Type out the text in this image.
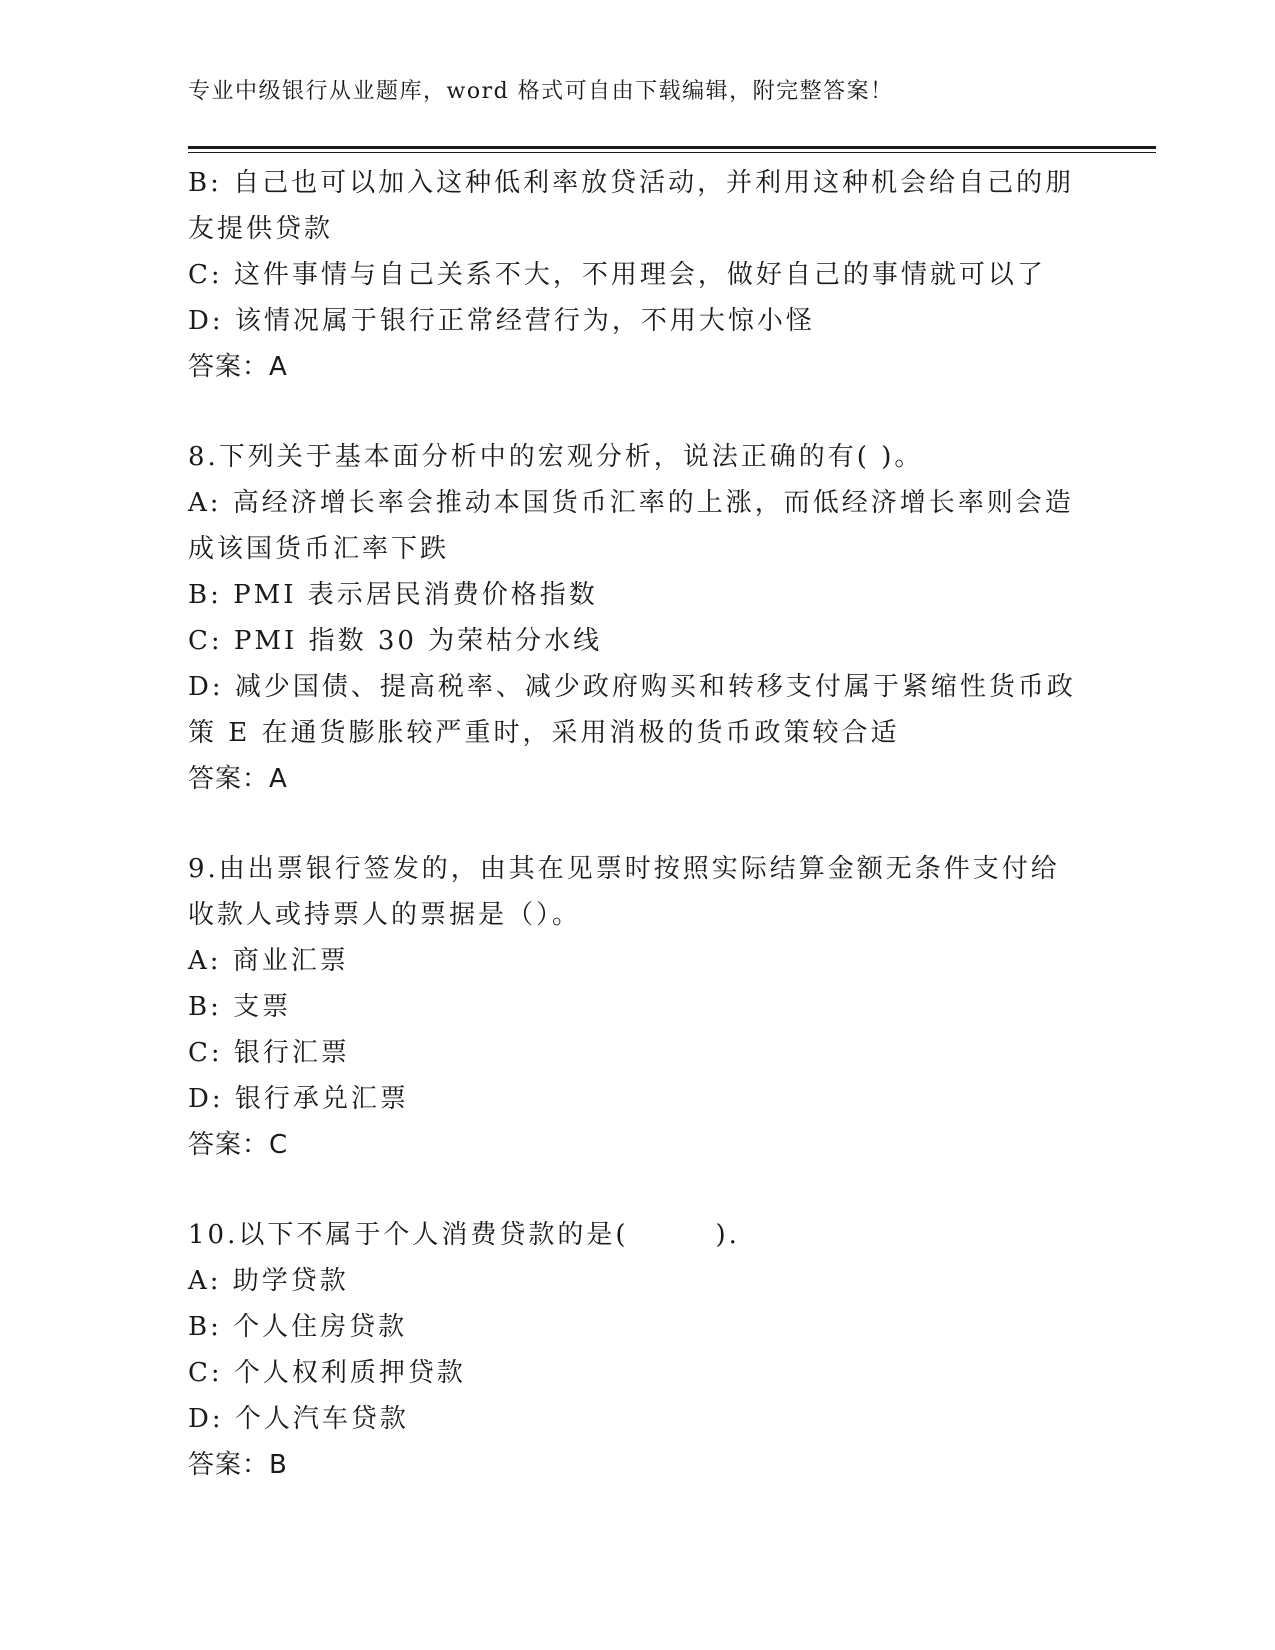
专业中级银行从业题库，word 格式可自由下载编辑，附完整答案！
B: 自己也可以加入这种低利率放贷活动，并利用这种机会给自己的朋
友提供贷款
C: 这件事情与自己关系不大，不用理会，做好自己的事情就可以了
D: 该情况属于银行正常经营行为，不用大惊小怪
答案：A
8.下列关于基本面分析中的宏观分析，说法正确的有( )。
A: 高经济增长率会推动本国货币汇率的上涨，而低经济增长率则会造
成该国货币汇率下跌
B: PMI 表示居民消费价格指数
C: PMI 指数 30 为荣枯分水线
D: 减少国债、提高税率、减少政府购买和转移支付属于紧缩性货币政
策 E 在通货膨胀较严重时，采用消极的货币政策较合适
答案：A
9.由出票银行签发的，由其在见票时按照实际结算金额无条件支付给
收款人或持票人的票据是（）。
A: 商业汇票
B: 支票
C: 银行汇票
D: 银行承兑汇票
答案：C
10.以下不属于个人消费贷款的是(　　　).
A: 助学贷款
B: 个人住房贷款
C: 个人权利质押贷款
D: 个人汽车贷款
答案：B
